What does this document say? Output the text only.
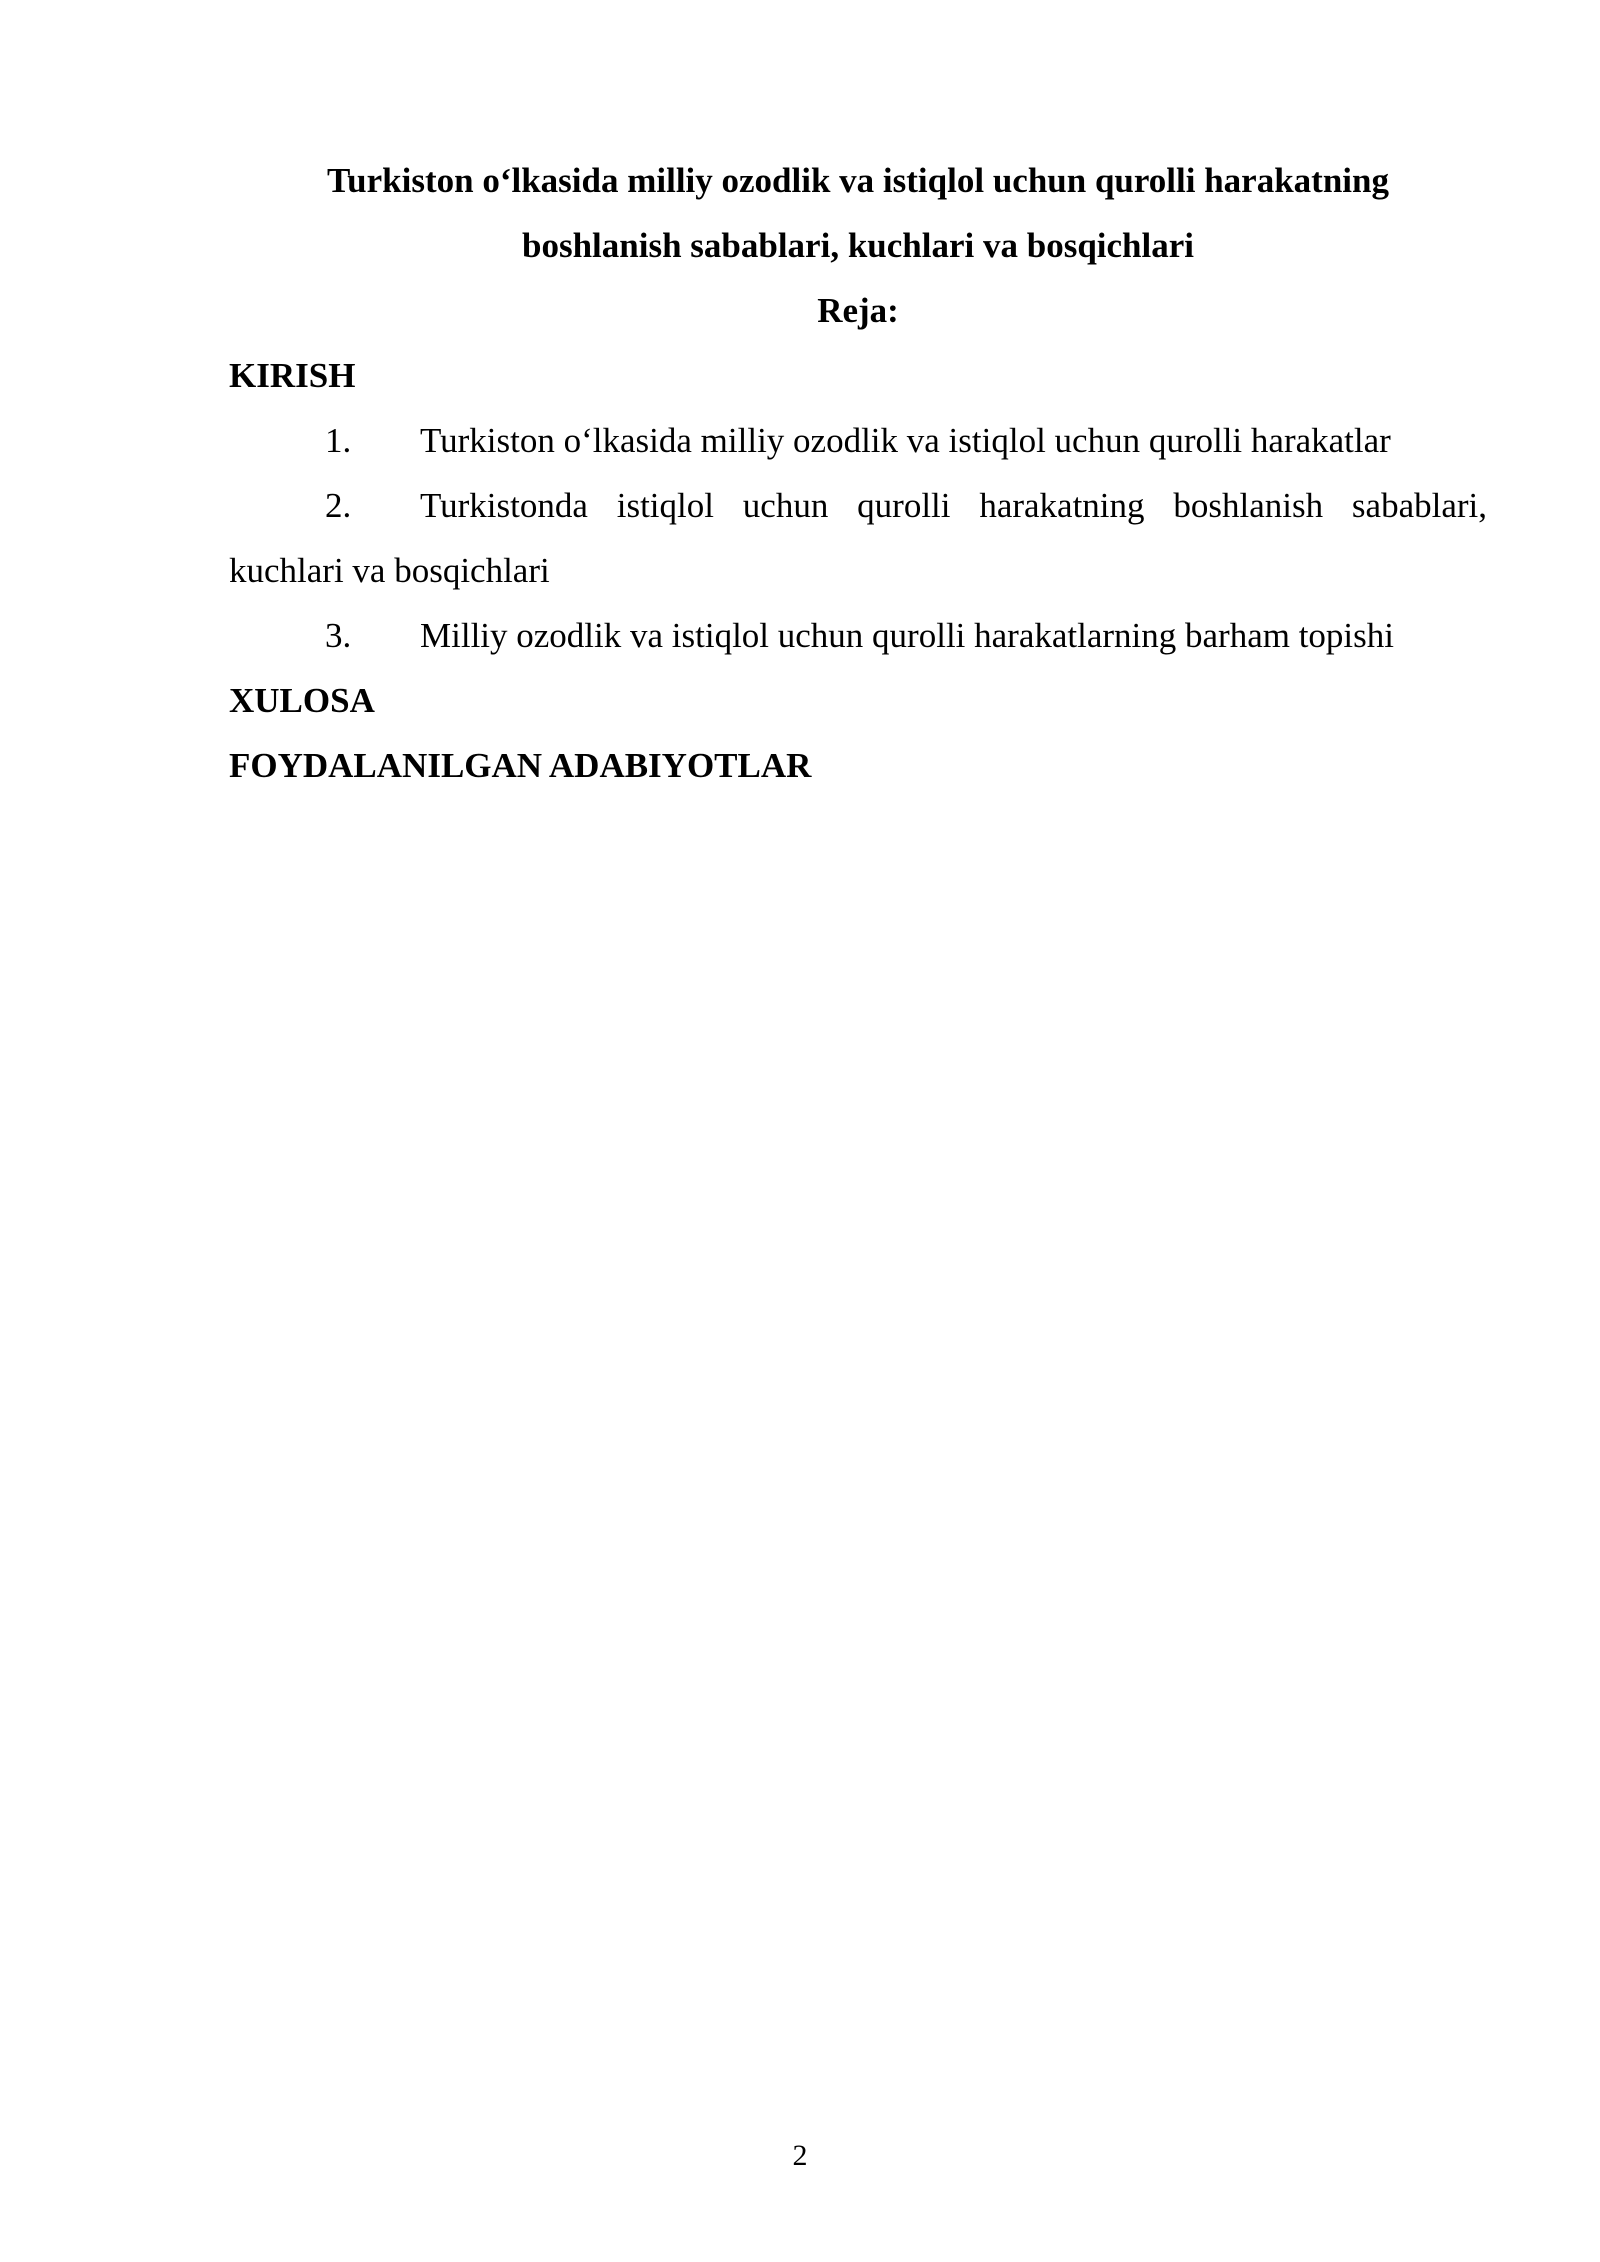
Turkiston o‘lkasida milliy ozodlik va istiqlol uchun qurolli harakatning
boshlanish sabablari, kuchlari va bosqichlari

Reja:

KIRISH

1. Turkiston o‘lkasida milliy ozodlik va istiqlol uchun qurolli harakatlar

2. Turkistonda istiqlol uchun qurolli harakatning boshlanish sabablari, kuchlari va bosqichlari

3. Milliy ozodlik va istiqlol uchun qurolli harakatlarning barham topishi

XULOSA

FOYDALANILGAN ADABIYOTLAR

2
